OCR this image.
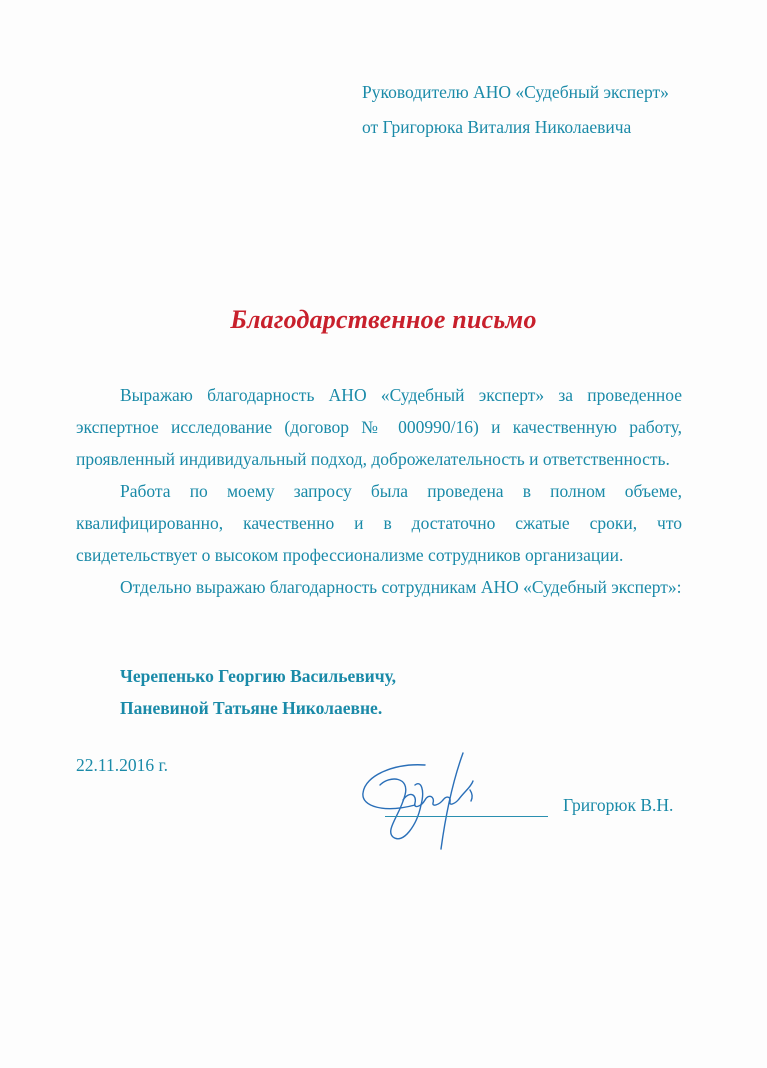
Руководителю АНО «Судебный эксперт»
от Григорюка Виталия Николаевича
Благодарственное письмо

Выражаю благодарность АНО «Судебный эксперт» за проведенное экспертное исследование (договор № 000990/16) и качественную работу, проявленный индивидуальный подход, доброжелательность и ответственность.

Работа по моему запросу была проведена в полном объеме, квалифицированно, качественно и в достаточно сжатые сроки, что свидетельствует о высоком профессионализме сотрудников организации.

Отдельно выражаю благодарность сотрудникам АНО «Судебный эксперт»:

Черепенько Георгию Васильевичу,
Паневиной Татьяне Николаевне.
22.11.2016 г.
Григорюк В.Н.
